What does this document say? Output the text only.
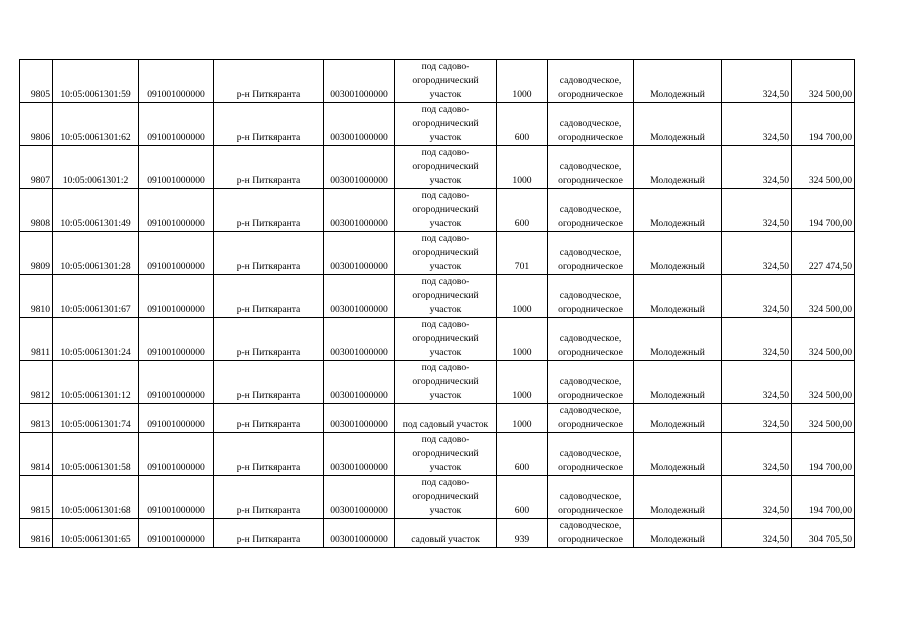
9805	10:05:0061301:59	091001000000	р-н Питкяранта	003001000000	под садово-огороднический участок	1000	садоводческое, огородническое	Молодежный	324,50	324 500,00
9806	10:05:0061301:62	091001000000	р-н Питкяранта	003001000000	под садово-огороднический участок	600	садоводческое, огородническое	Молодежный	324,50	194 700,00
9807	10:05:0061301:2	091001000000	р-н Питкяранта	003001000000	под садово-огороднический участок	1000	садоводческое, огородническое	Молодежный	324,50	324 500,00
9808	10:05:0061301:49	091001000000	р-н Питкяранта	003001000000	под садово-огороднический участок	600	садоводческое, огородническое	Молодежный	324,50	194 700,00
9809	10:05:0061301:28	091001000000	р-н Питкяранта	003001000000	под садово-огороднический участок	701	садоводческое, огородническое	Молодежный	324,50	227 474,50
9810	10:05:0061301:67	091001000000	р-н Питкяранта	003001000000	под садово-огороднический участок	1000	садоводческое, огородническое	Молодежный	324,50	324 500,00
9811	10:05:0061301:24	091001000000	р-н Питкяранта	003001000000	под садово-огороднический участок	1000	садоводческое, огородническое	Молодежный	324,50	324 500,00
9812	10:05:0061301:12	091001000000	р-н Питкяранта	003001000000	под садово-огороднический участок	1000	садоводческое, огородническое	Молодежный	324,50	324 500,00
9813	10:05:0061301:74	091001000000	р-н Питкяранта	003001000000	под садовый участок	1000	садоводческое, огородническое	Молодежный	324,50	324 500,00
9814	10:05:0061301:58	091001000000	р-н Питкяранта	003001000000	под садово-огороднический участок	600	садоводческое, огородническое	Молодежный	324,50	194 700,00
9815	10:05:0061301:68	091001000000	р-н Питкяранта	003001000000	под садово-огороднический участок	600	садоводческое, огородническое	Молодежный	324,50	194 700,00
9816	10:05:0061301:65	091001000000	р-н Питкяранта	003001000000	садовый участок	939	садоводческое, огородническое	Молодежный	324,50	304 705,50
